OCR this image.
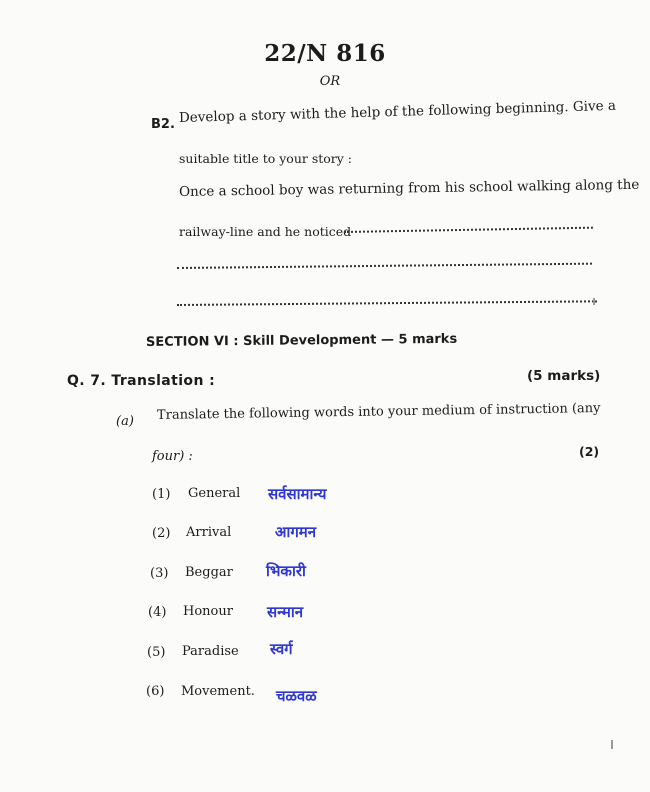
22/N 816
OR
B2. Develop a story with the help of the following beginning. Give a
suitable title to your story :
Once a school boy was returning from his school walking along the
railway-line and he noticed
SECTION VI : Skill Development — 5 marks
Q. 7. Translation :	(5 marks)
(a) Translate the following words into your medium of instruction (any
four) :	(2)
(1) General सर्वसामान्य
(2) Arrival	आगमन
(3) Beggar भिकारी
(4) Honour सन्मान
(5) Paradise स्वर्ग
(6) Movement. चळवळ
